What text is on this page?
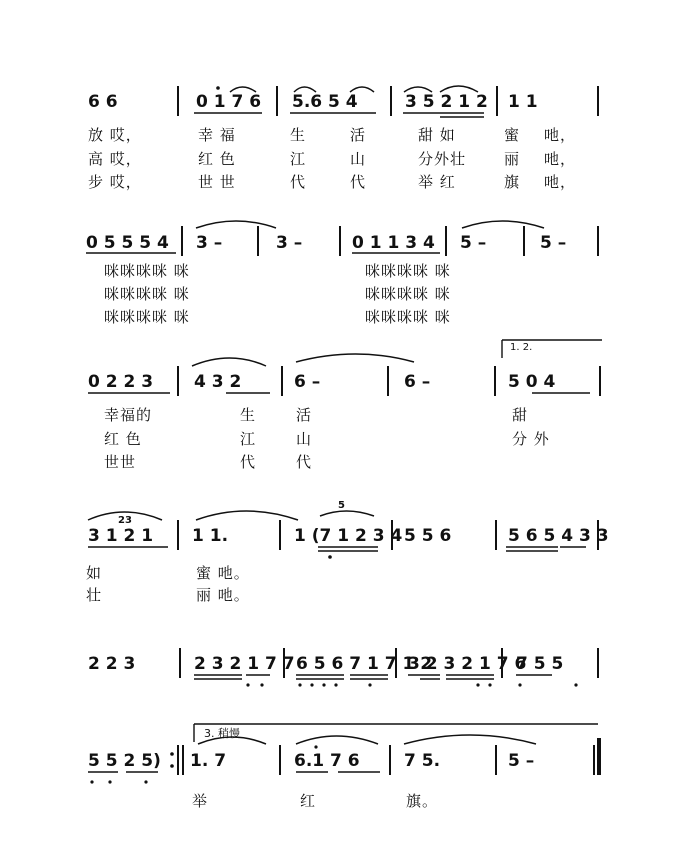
6 6	0 1 7 6 5.6 5 4	3 5 2 1 2 1 1
放 哎，	幸 福	生	活	甜 如	蜜 吔，
高 哎，	红 色	江	山	分外壮	丽 吔，
步 哎，	世 世	代	代	举 红	旗 吔，
0 5 5 5 4 3 –	3 –	0 1 1 3 4 5 –	5 –
咪咪咪咪 咪	咪咪咪咪 咪
咪咪咪咪 咪	咪咪咪咪 咪
咪咪咪咪 咪	咪咪咪咪 咪
1. 2.
0 2 2 3 4 3 2	6 –	6 –	5 0 4
幸福的	生	活	甜
红 色	江	山	分 外
世世	代	代
23
5
3 1 2 1 1 1.	1 (7 1 2 3 4 5 5 6	5 6 5 4 3 3
如	蜜 吔。
壮	丽 吔。
2 2 3	2 3 2 1 7 7 6 5 6 7 1 7 1 2
3 2 3 2 1 7 6
7 5 5
3. 稍慢
5 5 2 5) 1. 7	6.1 7 6	7 5.	5 –
举	红	旗。
